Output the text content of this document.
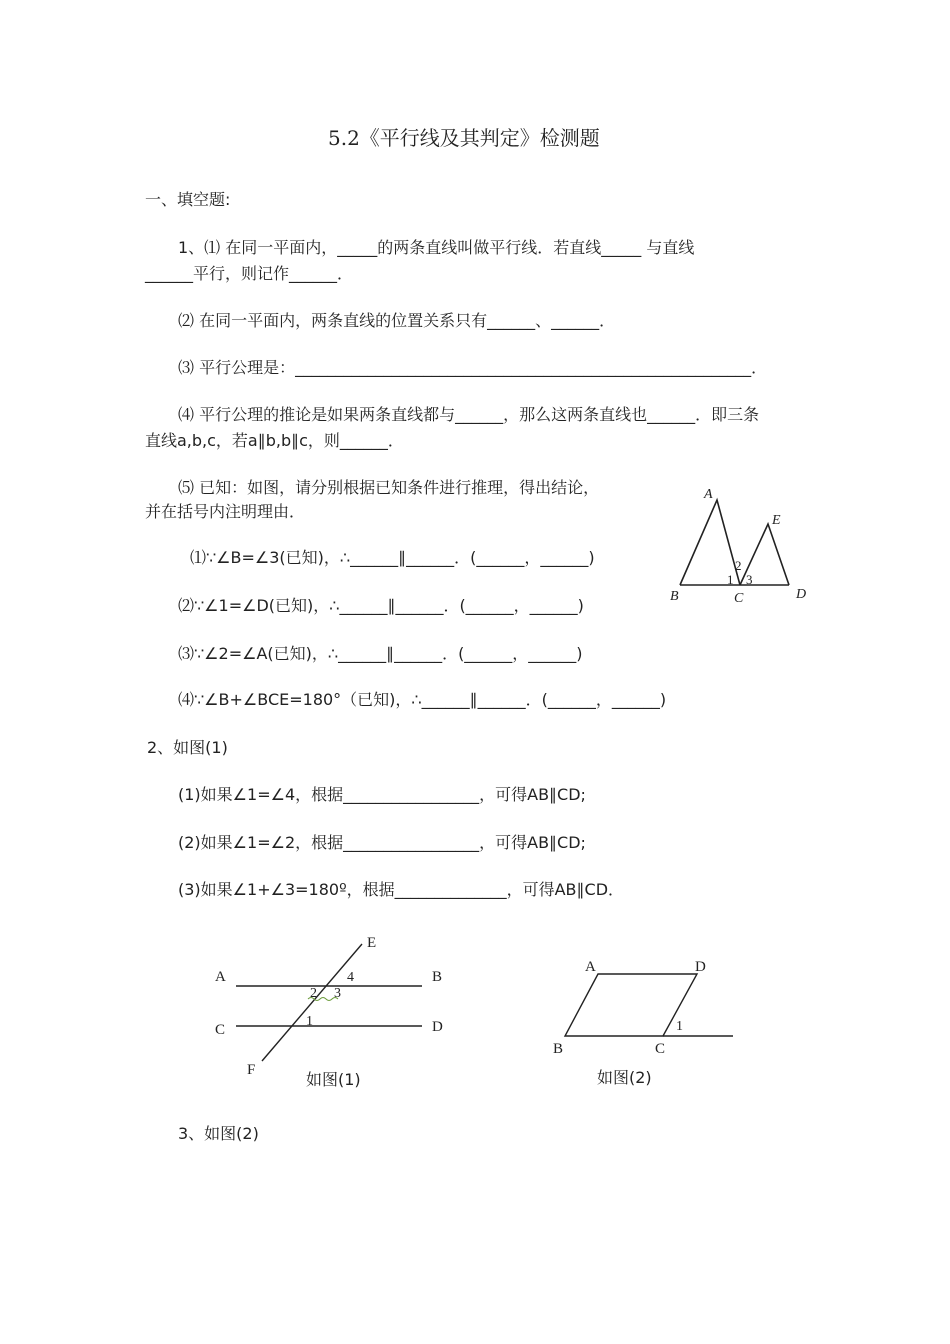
5.2《平行线及其判定》检测题
一、填空题:
1、⑴ 在同一平面内，_____的两条直线叫做平行线．若直线_____ 与直线
______平行，则记作______．
⑵ 在同一平面内，两条直线的位置关系只有______、______．
⑶ 平行公理是：_________________________________________________________．
⑷ 平行公理的推论是如果两条直线都与______，那么这两条直线也______．即三条
直线a,b,c，若a∥b,b∥c，则______．
⑸ 已知：如图，请分别根据已知条件进行推理，得出结论，
并在括号内注明理由．
⑴∵∠B=∠3(已知)，∴______∥______．(______，______)
⑵∵∠1=∠D(已知)，∴______∥______．(______，______)
⑶∵∠2=∠A(已知)，∴______∥______．(______，______)
⑷∵∠B+∠BCE=180°（已知)，∴______∥______．(______，______)
A
E
B	C	D
1
2
3
2、如图(1)
(1)如果∠1=∠4，根据_________________，可得AB∥CD;
(2)如果∠1=∠2，根据_________________，可得AB∥CD;
(3)如果∠1+∠3=180º，根据______________，可得AB∥CD．
A	B
C	D
E
F
4
2 3
1
如图(1)
A	D
B	C
1
如图(2)
3、如图(2)
